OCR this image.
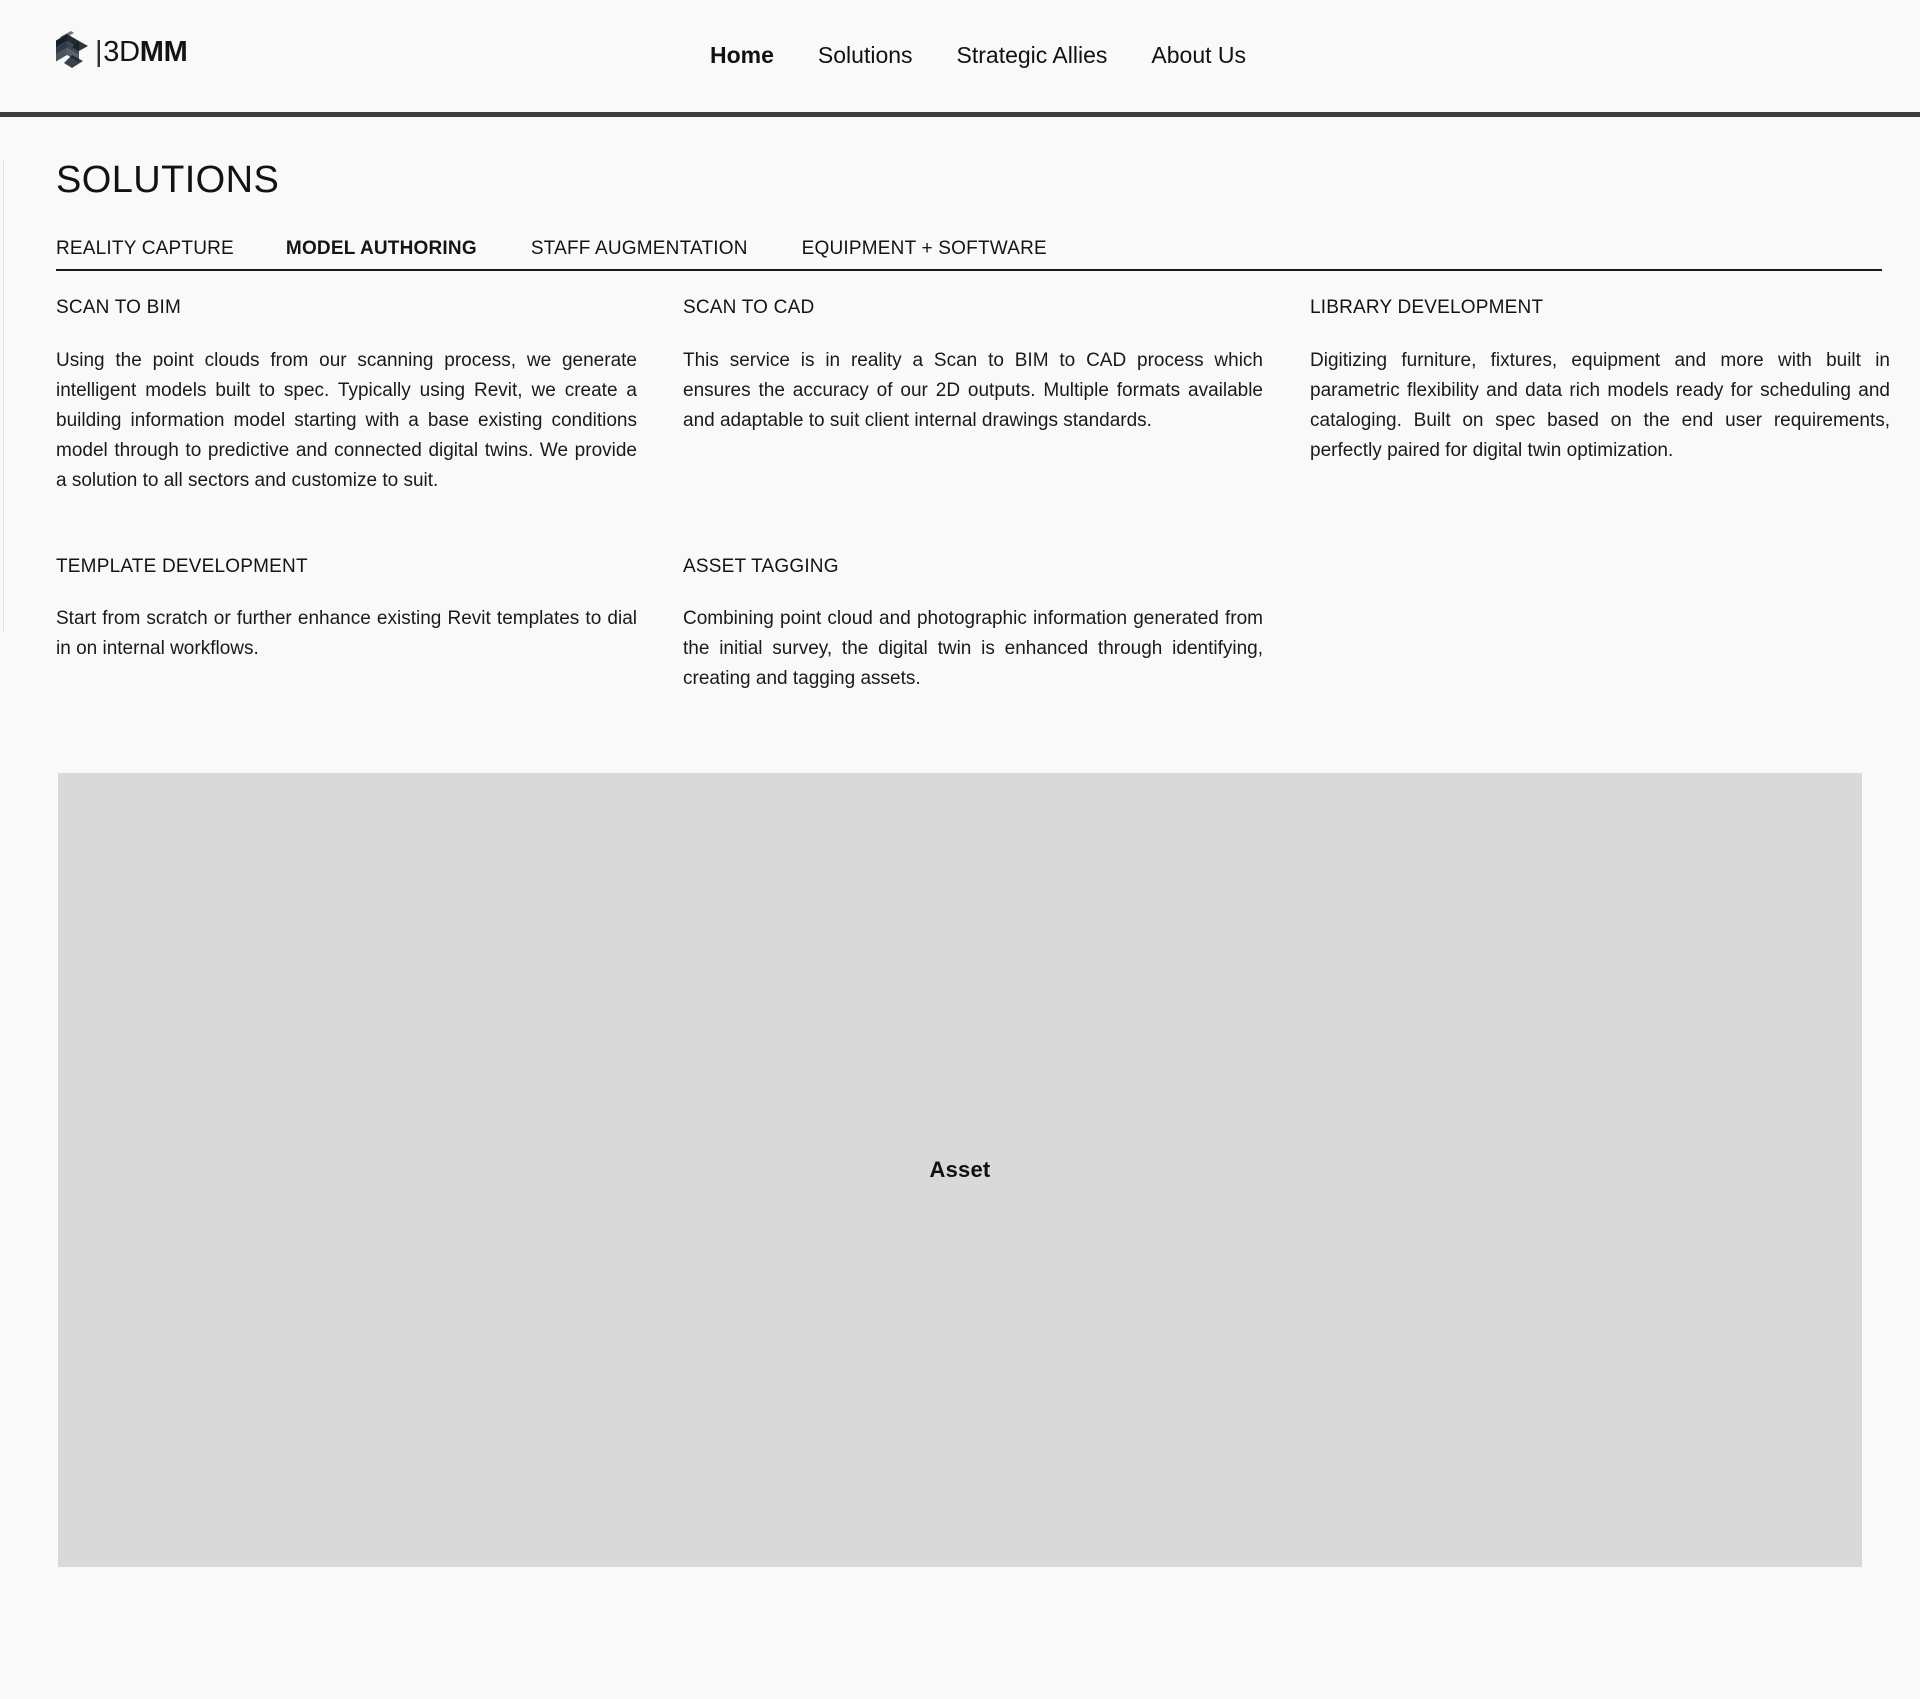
|3DMM	Home	Solutions	Strategic Allies	About Us
SOLUTIONS
REALITY CAPTURE	MODEL AUTHORING	STAFF AUGMENTATION	EQUIPMENT + SOFTWARE
SCAN TO BIM
Using the point clouds from our scanning process, we generate intelligent models built to spec. Typically using Revit, we create a building information model starting with a base existing conditions model through to predictive and connected digital twins. We provide a solution to all sectors and customize to suit.
SCAN TO CAD
This service is in reality a Scan to BIM to CAD process which ensures the accuracy of our 2D outputs. Multiple formats available and adaptable to suit client internal drawings standards.
LIBRARY DEVELOPMENT
Digitizing furniture, fixtures, equipment and more with built in parametric flexibility and data rich models ready for scheduling and cataloging. Built on spec based on the end user requirements, perfectly paired for digital twin optimization.
TEMPLATE DEVELOPMENT
Start from scratch or further enhance existing Revit templates to dial in on internal workflows.
ASSET TAGGING
Combining point cloud and photographic information generated from the initial survey, the digital twin is enhanced through identifying, creating and tagging assets.
Asset
